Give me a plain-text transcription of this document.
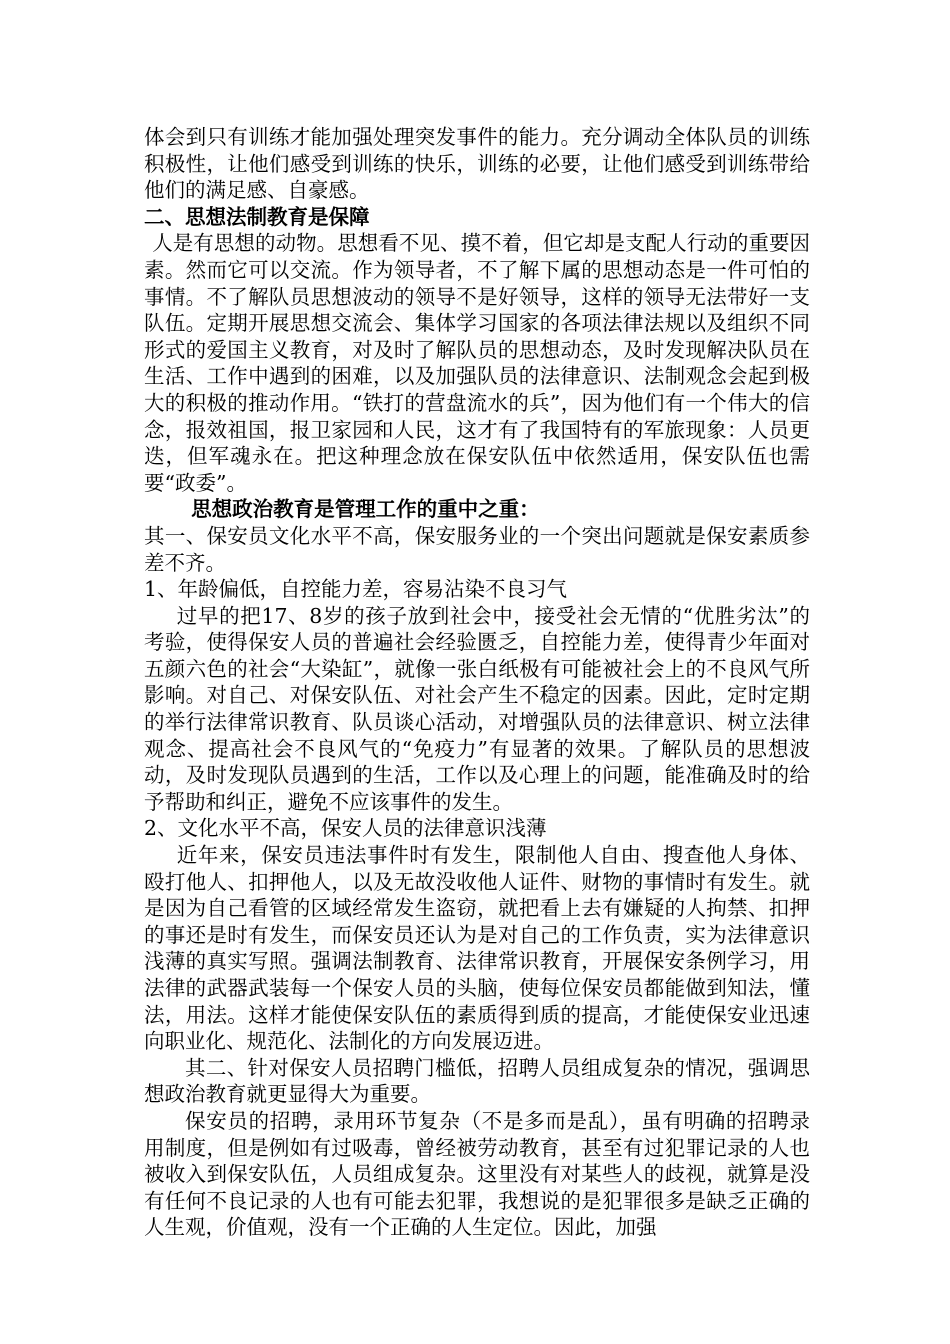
体会到只有训练才能加强处理突发事件的能力。充分调动全体队员的训练积极性，让他们感受到训练的快乐，训练的必要，让他们感受到训练带给他们的满足感、自豪感。

二、思想法制教育是保障

人是有思想的动物。思想看不见、摸不着，但它却是支配人行动的重要因素。然而它可以交流。作为领导者，不了解下属的思想动态是一件可怕的事情。不了解队员思想波动的领导不是好领导，这样的领导无法带好一支队伍。定期开展思想交流会、集体学习国家的各项法律法规以及组织不同形式的爱国主义教育，对及时了解队员的思想动态，及时发现解决队员在生活、工作中遇到的困难，以及加强队员的法律意识、法制观念会起到极大的积极的推动作用。“铁打的营盘流水的兵”，因为他们有一个伟大的信念，报效祖国，报卫家园和人民，这才有了我国特有的军旅现象：人员更迭，但军魂永在。把这种理念放在保安队伍中依然适用，保安队伍也需要“政委”。

思想政治教育是管理工作的重中之重：

其一、保安员文化水平不高，保安服务业的一个突出问题就是保安素质参差不齐。

1、年龄偏低，自控能力差，容易沾染不良习气

过早的把17、8岁的孩子放到社会中，接受社会无情的“优胜劣汰”的考验，使得保安人员的普遍社会经验匮乏，自控能力差，使得青少年面对五颜六色的社会“大染缸”，就像一张白纸极有可能被社会上的不良风气所影响。对自己、对保安队伍、对社会产生不稳定的因素。因此，定时定期的举行法律常识教育、队员谈心活动，对增强队员的法律意识、树立法律观念、提高社会不良风气的“免疫力”有显著的效果。了解队员的思想波动，及时发现队员遇到的生活，工作以及心理上的问题，能准确及时的给予帮助和纠正，避免不应该事件的发生。

2、文化水平不高，保安人员的法律意识浅薄

近年来，保安员违法事件时有发生，限制他人自由、搜查他人身体、殴打他人、扣押他人，以及无故没收他人证件、财物的事情时有发生。就是因为自己看管的区域经常发生盗窃，就把看上去有嫌疑的人拘禁、扣押的事还是时有发生，而保安员还认为是对自己的工作负责，实为法律意识浅薄的真实写照。强调法制教育、法律常识教育，开展保安条例学习，用法律的武器武装每一个保安人员的头脑，使每位保安员都能做到知法，懂法，用法。这样才能使保安队伍的素质得到质的提高，才能使保安业迅速向职业化、规范化、法制化的方向发展迈进。

其二、针对保安人员招聘门槛低，招聘人员组成复杂的情况，强调思想政治教育就更显得大为重要。

保安员的招聘，录用环节复杂（不是多而是乱），虽有明确的招聘录用制度，但是例如有过吸毒，曾经被劳动教育，甚至有过犯罪记录的人也被收入到保安队伍，人员组成复杂。这里没有对某些人的歧视，就算是没有任何不良记录的人也有可能去犯罪，我想说的是犯罪很多是缺乏正确的人生观，价值观，没有一个正确的人生定位。因此，加强
